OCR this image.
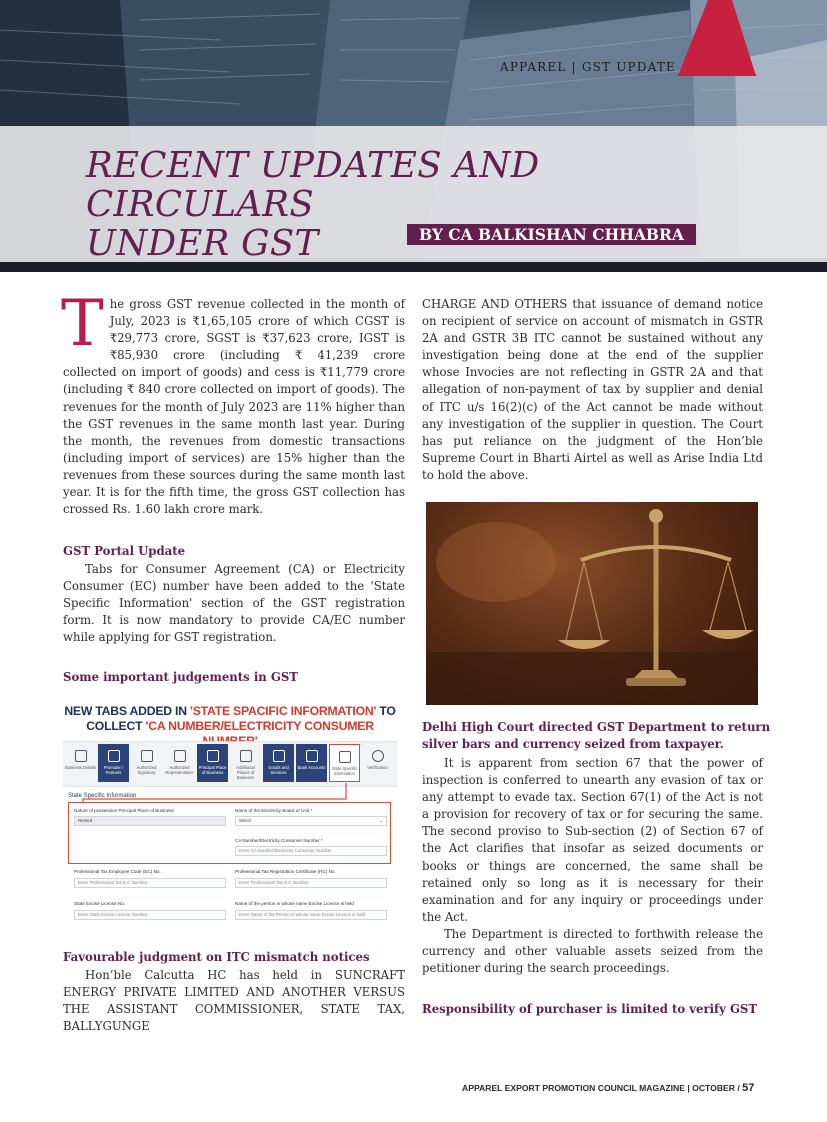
APPAREL | GST UPDATE
RECENT UPDATES AND CIRCULARS
UNDER GST	BY CA BALKISHAN CHHABRA
T he gross GST revenue collected in the month of July, 2023 is ₹1,65,105 crore of which CGST is ₹29,773 crore, SGST is ₹37,623 crore, IGST is ₹85,930 crore (including ₹ 41,239 crore collected on import of goods) and cess is ₹11,779 crore (including ₹ 840 crore collected on import of goods). The revenues for the month of July 2023 are 11% higher than the GST revenues in the same month last year. During the month, the revenues from domestic transactions (including import of services) are 15% higher than the revenues from these sources during the same month last year. It is for the fifth time, the gross GST collection has crossed Rs. 1.60 lakh crore mark.

GST Portal Update

Tabs for Consumer Agreement (CA) or Electricity Consumer (EC) number have been added to the 'State Specific Information' section of the GST registration form. It is now mandatory to provide CA/EC number while applying for GST registration.

Some important judgements in GST
NEW TABS ADDED IN 'STATE SPACIFIC INFORMATION' TO
COLLECT 'CA NUMBER/ELECTRICITY CONSUMER
Business Details	Promoter / Partners
Authorized Signatory
Authorized Representative
Principal Place of Business
Additional Places of Business
Goods and Services
Bank Accounts	State Specific Information
Verification
State Specific Information
Nature of possession Principal Place of Business
Rented
Name of the Electricity Board or Unit *
Select	⌄
CA Number/Electricity Consumer Number *
Enter CA Number/Electricity Consumer Number
Professional Tax Employee Code (EC) No.
Enter Professional Tax E.C Number
Professional Tax Registration Certificate (RC) No.
Enter Professional Tax R.C Number
State Excise License No.
Enter State Excise License Number
Name of the person in whose name Excise Licence is held
Enter Name of the Person in whose name Excise Licence is held
Favourable judgment on ITC mismatch notices

Hon’ble Calcutta HC has held in SUNCRAFT ENERGY PRIVATE LIMITED AND ANOTHER VERSUS THE ASSISTANT COMMISSIONER, STATE TAX, BALLYGUNGE

CHARGE AND OTHERS that issuance of demand notice on recipient of service on account of mismatch in GSTR 2A and GSTR 3B ITC cannot be sustained without any investigation being done at the end of the supplier whose Invocies are not reflecting in GSTR 2A and that allegation of non-payment of tax by supplier and denial of ITC u/s 16(2)(c) of the Act cannot be made without any investigation of the supplier in question. The Court has put reliance on the judgment of the Hon’ble Supreme Court in Bharti Airtel as well as Arise India Ltd to hold the above.

Delhi High Court directed GST Department to return
silver bars and currency seized from taxpayer.

It is apparent from section 67 that the power of inspection is conferred to unearth any evasion of tax or any attempt to evade tax. Section 67(1) of the Act is not a provision for recovery of tax or for securing the same. The second proviso to Sub-section (2) of Section 67 of the Act clarifies that insofar as seized documents or books or things are concerned, the same shall be retained only so long as it is necessary for their examination and for any inquiry or proceedings under the Act.

The Department is directed to forthwith release the currency and other valuable assets seized from the petitioner during the search proceedings.

Responsibility of purchaser is limited to verify GST
APPAREL EXPORT PROMOTION COUNCIL MAGAZINE | OCTOBER / 57
